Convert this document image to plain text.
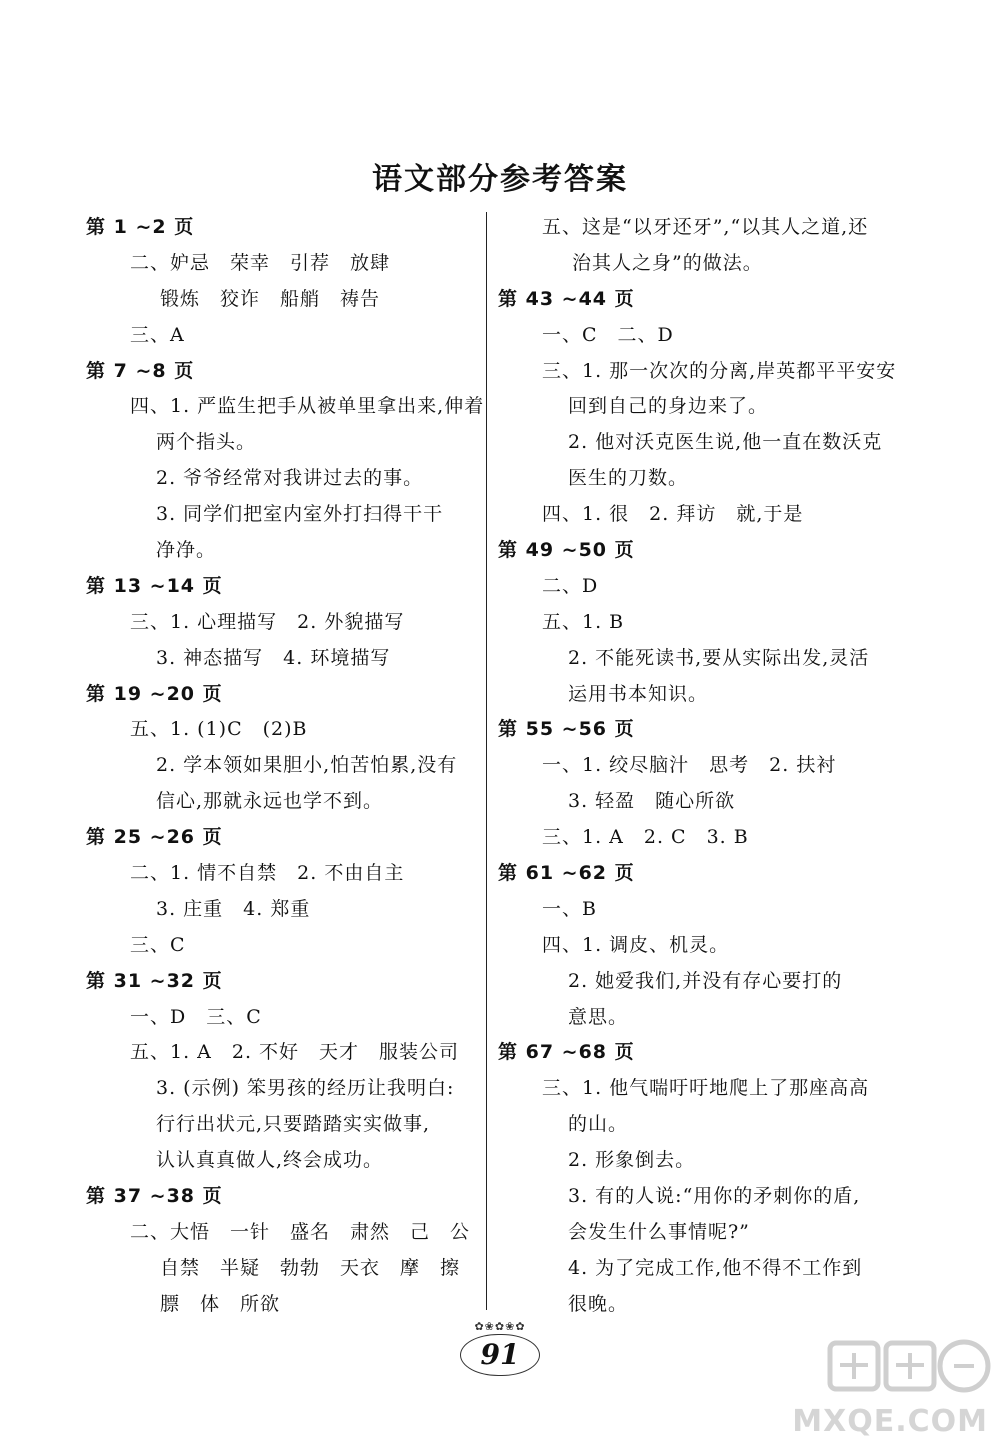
语文部分参考答案
第 1 ~2 页
二、妒忌　荣幸　引荐　放肆
锻炼　狡诈　船艄　祷告
三、A
第 7 ~8 页
四、1. 严监生把手从被单里拿出来,伸着
两个指头。
2. 爷爷经常对我讲过去的事。
3. 同学们把室内室外打扫得干干
净净。
第 13 ~14 页
三、1. 心理描写　2. 外貌描写
3. 神态描写　4. 环境描写
第 19 ~20 页
五、1. (1)C　(2)B
2. 学本领如果胆小,怕苦怕累,没有
信心,那就永远也学不到。
第 25 ~26 页
二、1. 情不自禁　2. 不由自主
3. 庄重　4. 郑重
三、C
第 31 ~32 页
一、D　三、C
五、1. A　2. 不好　天才　服装公司
3. (示例) 笨男孩的经历让我明白:
行行出状元,只要踏踏实实做事,
认认真真做人,终会成功。
第 37 ~38 页
二、大悟　一针　盛名　肃然　己　公
自禁　半疑　勃勃　天衣　摩　擦
膘　体　所欲
五、这是“以牙还牙”,“以其人之道,还
治其人之身”的做法。
第 43 ~44 页
一、C　二、D
三、1. 那一次次的分离,岸英都平平安安
回到自己的身边来了。
2. 他对沃克医生说,他一直在数沃克
医生的刀数。
四、1. 很　2. 拜访　就,于是
第 49 ~50 页
二、D
五、1. B
2. 不能死读书,要从实际出发,灵活
运用书本知识。
第 55 ~56 页
一、1. 绞尽脑汁　思考　2. 扶衬
3. 轻盈　随心所欲
三、1. A　2. C　3. B
第 61 ~62 页
一、B
四、1. 调皮、机灵。
2. 她爱我们,并没有存心要打的
意思。
第 67 ~68 页
三、1. 他气喘吁吁地爬上了那座高高
的山。
2. 形象倒去。
3. 有的人说:“用你的矛刺你的盾,
会发生什么事情呢?”
4. 为了完成工作,他不得不工作到
很晚。
✿❀✿❀✿
91
MXQE.COM
